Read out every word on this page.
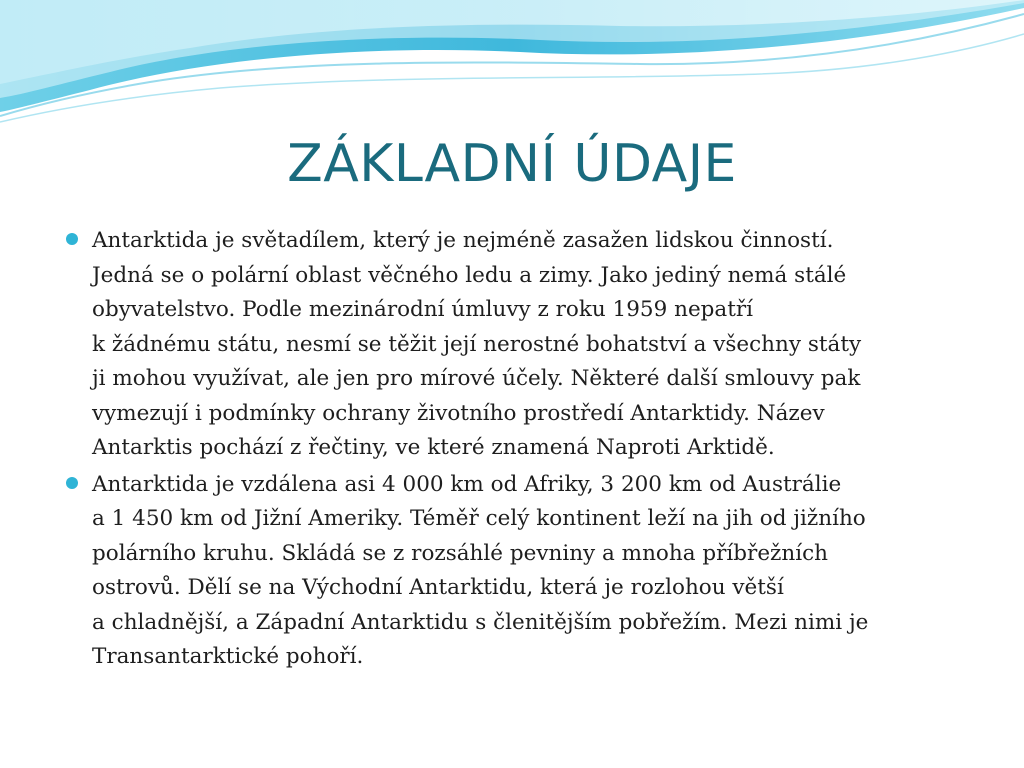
ZÁKLADNÍ ÚDAJE
Antarktida je světadílem, který je nejméně zasažen lidskou činností.
Jedná se o polární oblast věčného ledu a zimy. Jako jediný nemá stálé
obyvatelstvo. Podle mezinárodní úmluvy z roku 1959 nepatří
k žádnému státu, nesmí se těžit její nerostné bohatství a všechny státy
ji mohou využívat, ale jen pro mírové účely. Některé další smlouvy pak
vymezují i podmínky ochrany životního prostředí Antarktidy. Název
Antarktis pochází z řečtiny, ve které znamená Naproti Arktidě.
Antarktida je vzdálena asi 4 000 km od Afriky, 3 200 km od Austrálie
a 1 450 km od Jižní Ameriky. Téměř celý kontinent leží na jih od jižního
polárního kruhu. Skládá se z rozsáhlé pevniny a mnoha příbřežních
ostrovů. Dělí se na Východní Antarktidu, která je rozlohou větší
a chladnější, a Západní Antarktidu s členitějším pobřežím. Mezi nimi je
Transantarktické pohoří.
